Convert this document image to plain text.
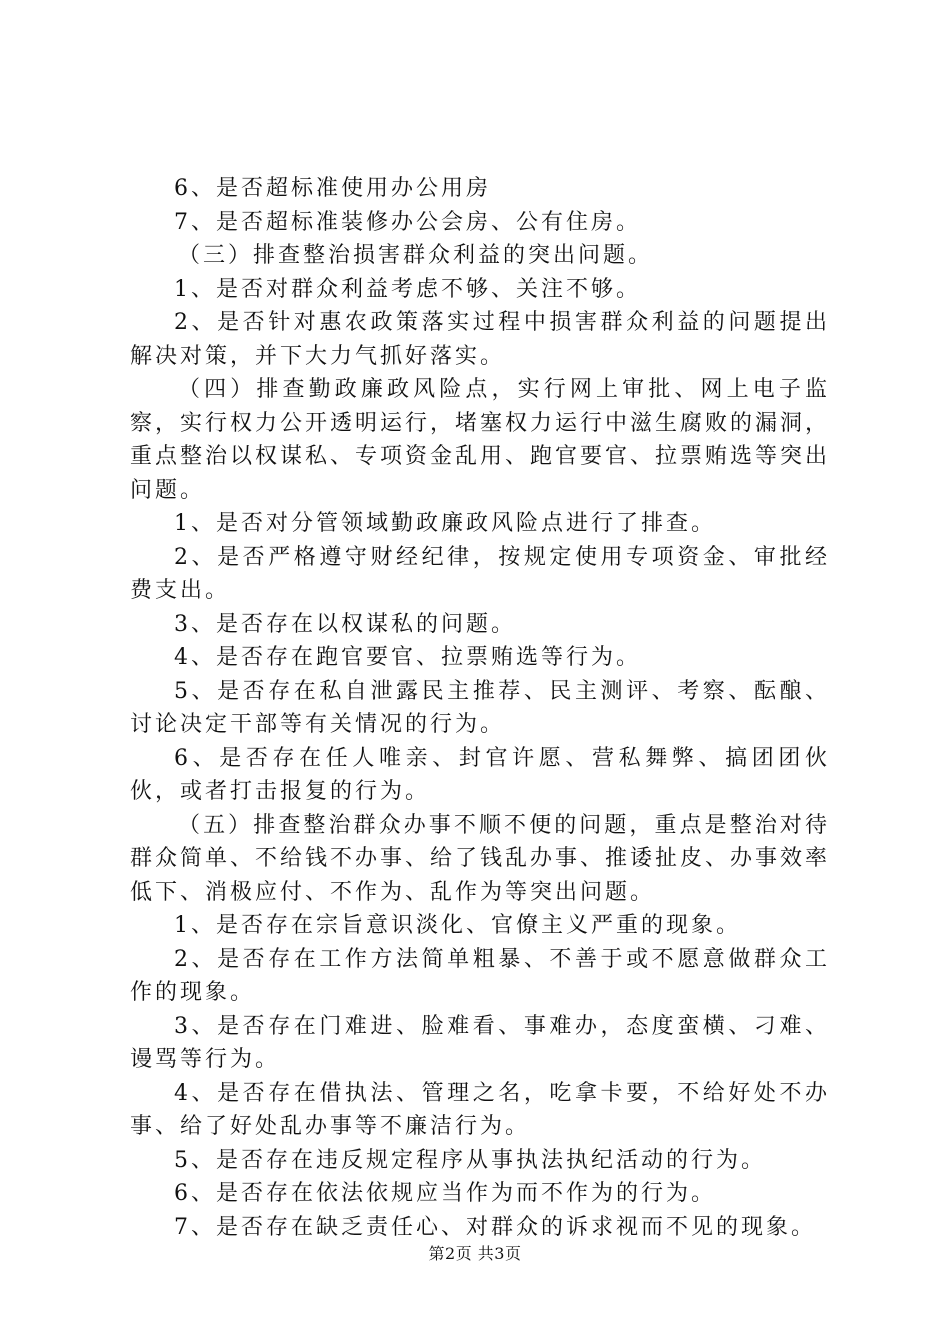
6、是否超标准使用办公用房

7、是否超标准装修办公会房、公有住房。

（三）排查整治损害群众利益的突出问题。

1、是否对群众利益考虑不够、关注不够。

2、是否针对惠农政策落实过程中损害群众利益的问题提出解决对策，并下大力气抓好落实。

（四）排查勤政廉政风险点，实行网上审批、网上电子监察，实行权力公开透明运行，堵塞权力运行中滋生腐败的漏洞，重点整治以权谋私、专项资金乱用、跑官要官、拉票贿选等突出问题。

1、是否对分管领域勤政廉政风险点进行了排查。

2、是否严格遵守财经纪律，按规定使用专项资金、审批经费支出。

3、是否存在以权谋私的问题。

4、是否存在跑官要官、拉票贿选等行为。

5、是否存在私自泄露民主推荐、民主测评、考察、酝酿、讨论决定干部等有关情况的行为。

6、是否存在任人唯亲、封官许愿、营私舞弊、搞团团伙伙，或者打击报复的行为。

（五）排查整治群众办事不顺不便的问题，重点是整治对待群众简单、不给钱不办事、给了钱乱办事、推诿扯皮、办事效率低下、消极应付、不作为、乱作为等突出问题。

1、是否存在宗旨意识淡化、官僚主义严重的现象。

2、是否存在工作方法简单粗暴、不善于或不愿意做群众工作的现象。

3、是否存在门难进、脸难看、事难办，态度蛮横、刁难、谩骂等行为。

4、是否存在借执法、管理之名，吃拿卡要，不给好处不办事、给了好处乱办事等不廉洁行为。

5、是否存在违反规定程序从事执法执纪活动的行为。

6、是否存在依法依规应当作为而不作为的行为。

7、是否存在缺乏责任心、对群众的诉求视而不见的现象。

第2页 共3页
